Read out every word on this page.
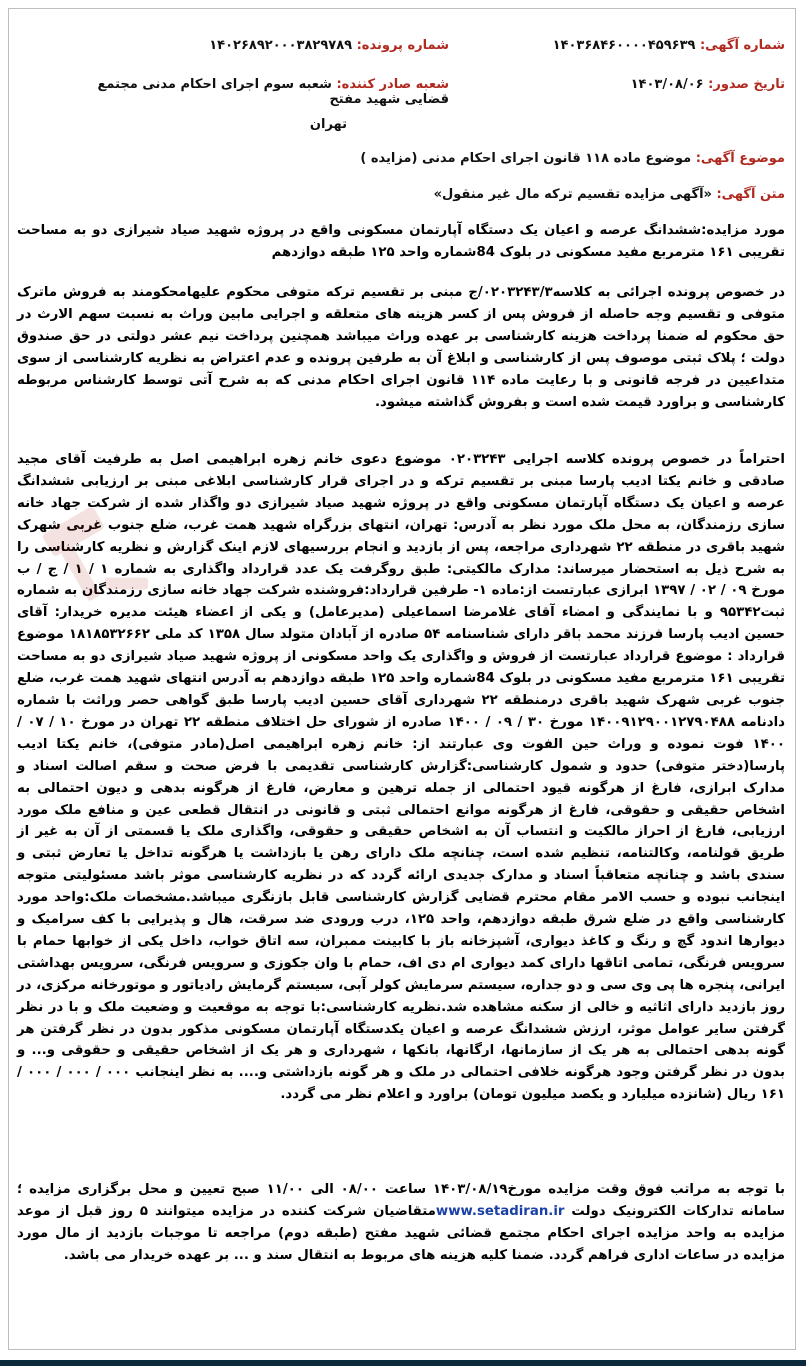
شماره آگهی:۱۴۰۳۶۸۴۶۰۰۰۰۴۵۹۶۳۹
شماره پرونده:۱۴۰۲۶۸۹۲۰۰۰۳۸۲۹۷۸۹
تاریخ صدور:۱۴۰۳/۰۸/۰۶
شعبه صادر کننده:شعبه سوم اجرای احکام مدنی مجتمع قضایی شهید مفتح
تهران
موضوع آگهی:موضوع ماده ۱۱۸ قانون اجرای احکام مدنی (مزایده )
متن آگهی:«آگهی مزایده تقسیم ترکه مال غیر منقول»
مورد مزایده:ششدانگ عرصه و اعیان یک دستگاه آپارتمان مسکونی واقع در پروژه شهید صیاد شیرازی دو به مساحت تقریبی ۱۶۱ مترمربع مفید مسکونی در بلوک 84شماره واحد ۱۲۵ طبقه دوازدهم
در خصوص پرونده اجرائی به کلاسه۰۲۰۳۲۴۳/۳/ج مبنی بر تقسیم ترکه متوفی محکوم علیهامحکومند به فروش ماترک متوفی و تقسیم وجه حاصله از فروش پس از کسر هزینه های متعلقه و اجرایی مابین وراث به نسبت سهم الارث در حق محکوم له ضمنا پرداخت هزینه کارشناسی بر عهده وراث میباشد همچنین پرداخت نیم عشر دولتی در حق صندوق دولت ؛ پلاک ثبتی موصوف پس از کارشناسی و ابلاغ آن به طرفین پرونده و عدم اعتراض به نظریه کارشناسی از سوی متداعیین در فرجه قانونی و با رعایت ماده ۱۱۴ قانون اجرای احکام مدنی که به شرح آتی توسط کارشناس مربوطه کارشناسی و براورد قیمت شده است و بفروش گذاشته میشود.
احتراماً در خصوص پرونده کلاسه اجرایی ۰۲۰۳۲۴۳ موضوع دعوی خانم زهره ابراهیمی اصل به طرفیت آقای مجید صادقی و خانم یکتا ادیب پارسا مبنی بر تقسیم ترکه و در اجرای قرار کارشناسی ابلاغی مبنی بر ارزیابی ششدانگ عرصه و اعیان یک دستگاه آپارتمان مسکونی واقع در پروژه شهید صیاد شیرازی دو واگذار شده از شرکت جهاد خانه سازی رزمندگان، به محل ملک مورد نظر به آدرس: تهران، انتهای بزرگراه شهید همت غرب، ضلع جنوب غربی شهرک شهید باقری در منطقه ۲۲ شهرداری مراجعه، پس از بازدید و انجام بررسیهای لازم اینک گزارش و نظریه کارشناسی را به شرح ذیل به استحضار میرساند: مدارک مالکیتی: طبق روگرفت یک عدد قرارداد واگذاری به شماره ۱ / ۱ / ج / ب مورخ ۰۹ / ۰۲ / ۱۳۹۷ ابرازی عبارتست از:ماده ۱- طرفین قرارداد:فروشنده شرکت جهاد خانه سازی رزمندگان به شماره ثبت۹۵۳۴۲ و با نمایندگی و امضاء آقای غلامرضا اسماعیلی (مدیرعامل) و یکی از اعضاء هیئت مدیره خریدار: آقای حسین ادیب پارسا فرزند محمد باقر دارای شناسنامه ۵۴ صادره از آبادان متولد سال ۱۳۵۸ کد ملی ۱۸۱۸۵۳۲۶۶۲ موضوع قرارداد : موضوع قرارداد عبارتست از فروش و واگذاری یک واحد مسکونی از پروژه شهید صیاد شیرازی دو به مساحت تقریبی ۱۶۱ مترمربع مفید مسکونی در بلوک 84شماره واحد ۱۲۵ طبقه دوازدهم به آدرس انتهای شهید همت غرب، ضلع جنوب غربی شهرک شهید باقری درمنطقه ۲۲ شهرداری آقای حسین ادیب پارسا طبق گواهی حصر وراثت با شماره دادنامه ۱۴۰۰۹۱۲۹۰۰۱۲۷۹۰۴۸۸ مورخ ۳۰ / ۰۹ / ۱۴۰۰ صادره از شورای حل اختلاف منطقه ۲۲ تهران در مورخ ۱۰ / ۰۷ / ۱۴۰۰ فوت نموده و وراث حین الفوت وی عبارتند از: خانم زهره ابراهیمی اصل(مادر متوفی)، خانم یکتا ادیب پارسا(دختر متوفی) حدود و شمول کارشناسی:گزارش کارشناسی تقدیمی با فرض صحت و سقم اصالت اسناد و مدارک ابرازی، فارغ از هرگونه قیود احتمالی از جمله ترهین و معارض، فارغ از هرگونه بدهی و دیون احتمالی به اشخاص حقیقی و حقوقی، فارغ از هرگونه موانع احتمالی ثبتی و قانونی در انتقال قطعی عین و منافع ملک مورد ارزیابی، فارغ از احراز مالکیت و انتساب آن به اشخاص حقیقی و حقوقی، واگذاری ملک یا قسمتی از آن به غیر از طریق قولنامه، وکالتنامه، تنظیم شده است، چنانچه ملک دارای رهن یا بازداشت یا هرگونه تداخل یا تعارض ثبتی و سندی باشد و چنانچه متعاقباً اسناد و مدارک جدیدی ارائه گردد که در نظریه کارشناسی موثر باشد مسئولیتی متوجه اینجانب نبوده و حسب الامر مقام محترم قضایی گزارش کارشناسی قابل بازنگری میباشد.مشخصات ملک:واحد مورد کارشناسی واقع در ضلع شرق طبقه دوازدهم، واحد ۱۲۵، درب ورودی ضد سرقت، هال و پذیرایی با کف سرامیک و دیوارها اندود گچ و رنگ و کاغذ دیواری، آشپزخانه باز با کابینت ممبران، سه اتاق خواب، داخل یکی از خوابها حمام با سرویس فرنگی، تمامی اتاقها دارای کمد دیواری ام دی اف، حمام با وان جکوزی و سرویس فرنگی، سرویس بهداشتی ایرانی، پنجره ها پی وی سی و دو جداره، سیستم سرمایش کولر آبی، سیستم گرمایش رادیاتور و موتورخانه مرکزی، در روز بازدید دارای اثاثیه و خالی از سکنه مشاهده شد.نظریه کارشناسی:با توجه به موقعیت و وضعیت ملک و با در نظر گرفتن سایر عوامل موثر، ارزش ششدانگ عرصه و اعیان یکدستگاه آپارتمان مسکونی مذکور بدون در نظر گرفتن هر گونه بدهی احتمالی به هر یک از سازمانها، ارگانها، بانکها ، شهرداری و هر یک از اشخاص حقیقی و حقوقی و... و بدون در نظر گرفتن وجود هرگونه خلافی احتمالی در ملک و هر گونه بازداشتی و.... به نظر اینجانب ۰۰۰ / ۰۰۰ / ۰۰۰ / ۱۶۱ ریال (شانزده میلیارد و یکصد میلیون تومان) براورد و اعلام نظر می گردد.
با توجه به مراتب فوق وقت مزایده مورخ۱۴۰۳/۰۸/۱۹ ساعت ۰۸/۰۰ الی ۱۱/۰۰ صبح تعیین و محل برگزاری مزایده ؛سامانه تدارکات الکترونیک دولت www.setadiran.irمتقاضیان شرکت کننده در مزایده میتوانند ۵ روز قبل از موعد مزایده به واحد مزایده اجرای احکام مجتمع قضائی شهید مفتح (طبقه دوم) مراجعه تا موجبات بازدید از مال مورد مزایده در ساعات اداری فراهم گردد. ضمنا کلیه هزینه های مربوط به انتقال سند و ... بر عهده خریدار می باشد.
